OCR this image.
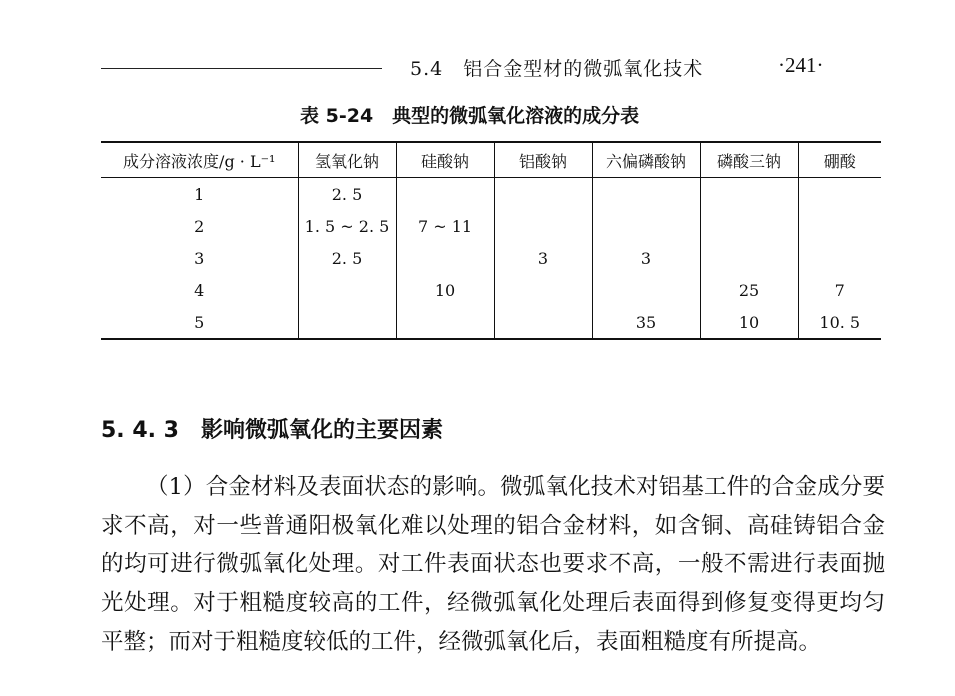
5.4　铝合金型材的微弧氧化技术	·241·
表 5-24　典型的微弧氧化溶液的成分表
成分溶液浓度/g · L⁻¹	氢氧化钠	硅酸钠	铝酸钠	六偏磷酸钠	磷酸三钠	硼酸
1	2. 5					
2	1. 5 ~ 2. 5	7 ~ 11				
3	2. 5		3	3		
4		10			25	7
5				35	10	10. 5
5. 4. 3 影响微弧氧化的主要因素

（1）合金材料及表面状态的影响。微弧氧化技术对铝基工件的合金成分要求不高，对一些普通阳极氧化难以处理的铝合金材料，如含铜、高硅铸铝合金的均可进行微弧氧化处理。对工件表面状态也要求不高，一般不需进行表面抛光处理。对于粗糙度较高的工件，经微弧氧化处理后表面得到修复变得更均匀平整；而对于粗糙度较低的工件，经微弧氧化后，表面粗糙度有所提高。
